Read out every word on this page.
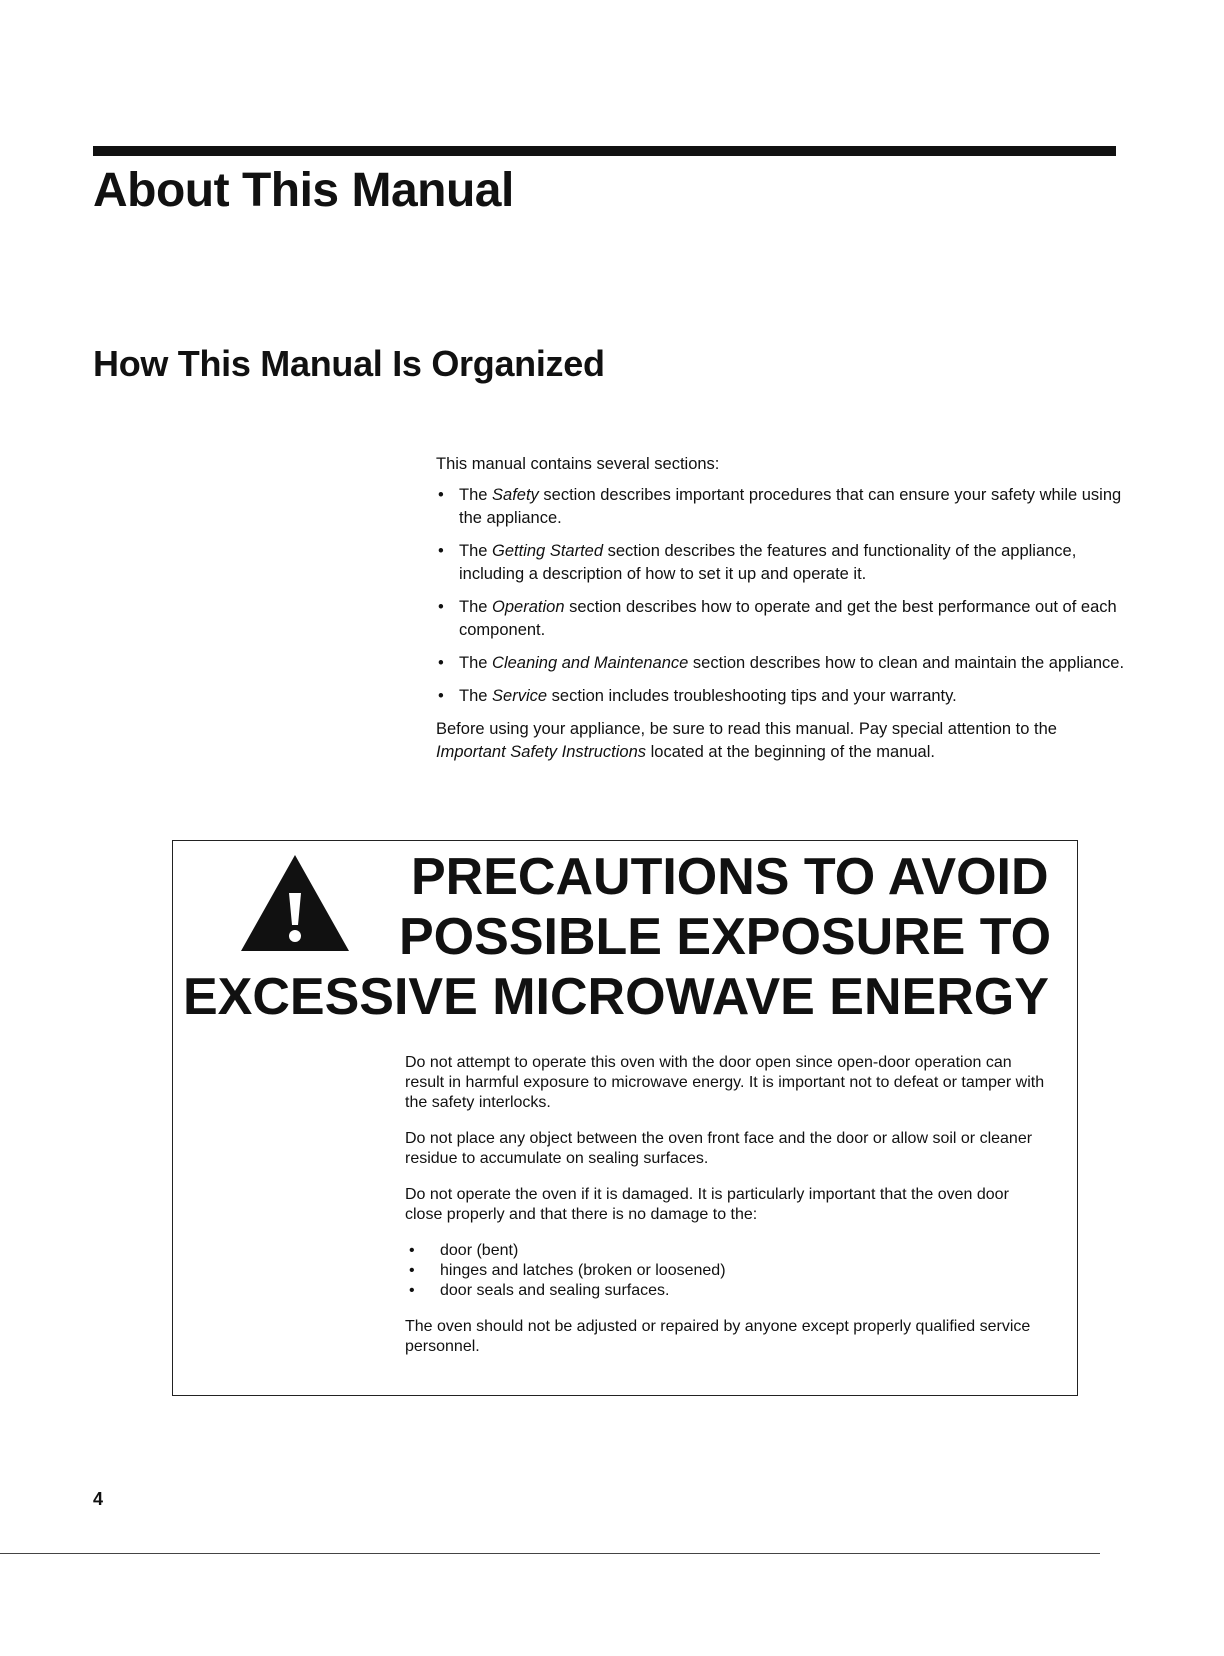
About This Manual
How This Manual Is Organized

This manual contains several sections:

• The Safety section describes important procedures that can ensure your safety while using the appliance.
• The Getting Started section describes the features and functionality of the appliance, including a description of how to set it up and operate it.
• The Operation section describes how to operate and get the best performance out of each component.
• The Cleaning and Maintenance section describes how to clean and maintain the appliance.
• The Service section includes troubleshooting tips and your warranty.

Before using your appliance, be sure to read this manual. Pay special attention to the Important Safety Instructions located at the beginning of the manual.

PRECAUTIONS TO AVOID
POSSIBLE EXPOSURE TO
EXCESSIVE MICROWAVE ENERGY

Do not attempt to operate this oven with the door open since open-door operation can result in harmful exposure to microwave energy. It is important not to defeat or tamper with the safety interlocks.

Do not place any object between the oven front face and the door or allow soil or cleaner residue to accumulate on sealing surfaces.

Do not operate the oven if it is damaged. It is particularly important that the oven door close properly and that there is no damage to the:

• door (bent)
• hinges and latches (broken or loosened)
• door seals and sealing surfaces.

The oven should not be adjusted or repaired by anyone except properly qualified service personnel.

4
